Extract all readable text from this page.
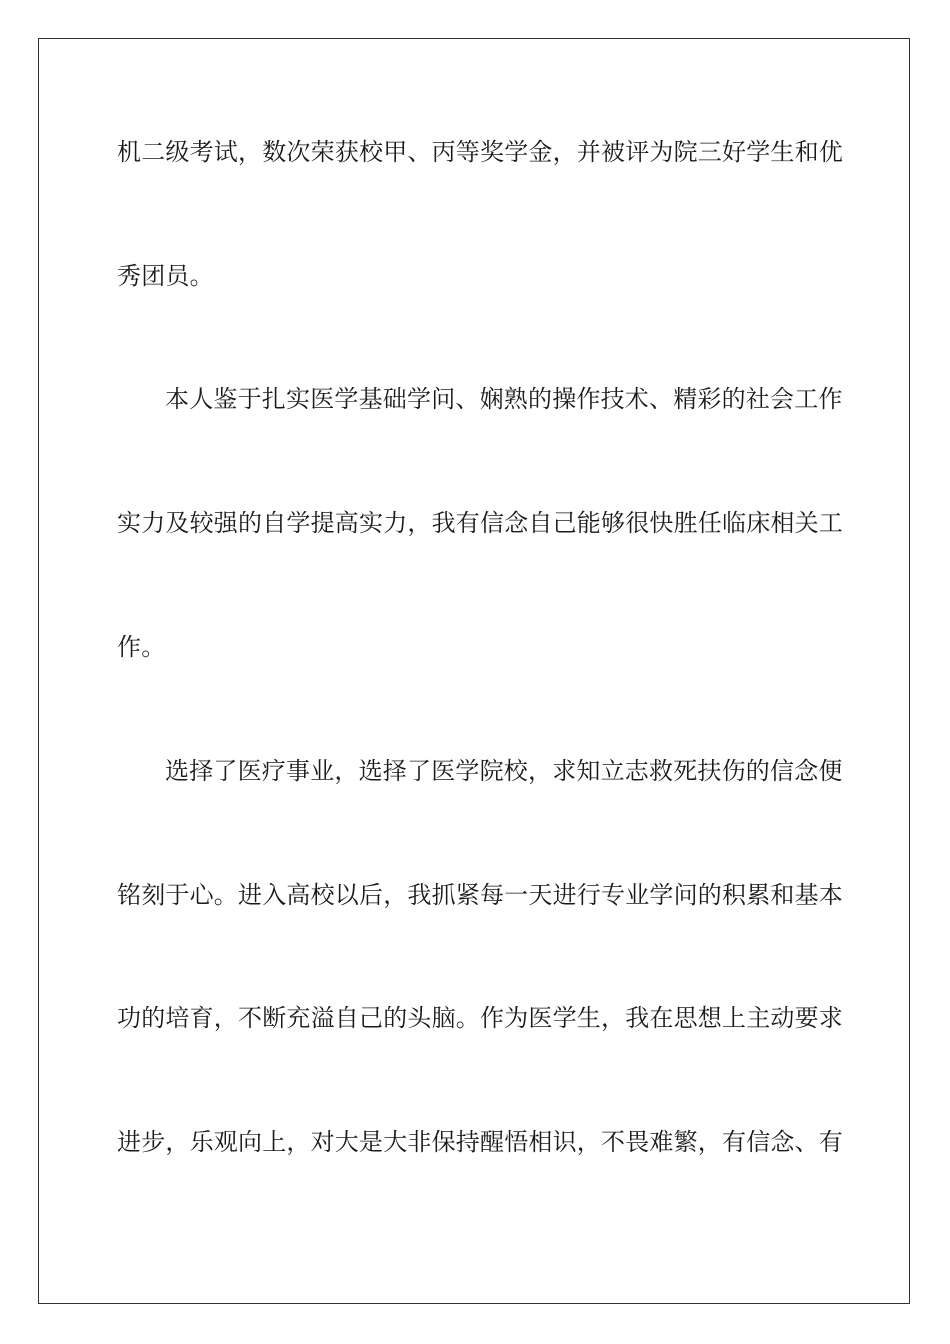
机二级考试，数次荣获校甲、丙等奖学金，并被评为院三好学生和优
秀团员。
本人鉴于扎实医学基础学问、娴熟的操作技术、精彩的社会工作
实力及较强的自学提高实力，我有信念自己能够很快胜任临床相关工
作。
选择了医疗事业，选择了医学院校，求知立志救死扶伤的信念便
铭刻于心。进入高校以后，我抓紧每一天进行专业学问的积累和基本
功的培育，不断充溢自己的头脑。作为医学生，我在思想上主动要求
进步，乐观向上，对大是大非保持醒悟相识，不畏难繁，有信念、有
